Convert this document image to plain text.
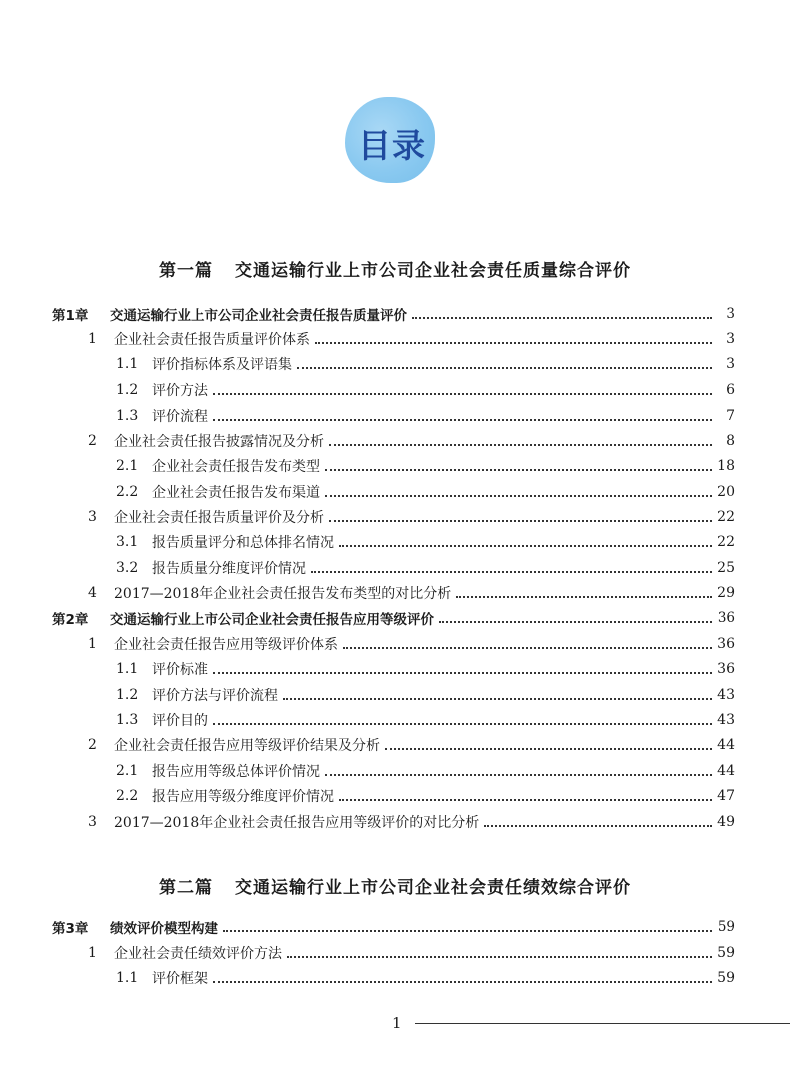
目录
第一篇 交通运输行业上市公司企业社会责任质量综合评价
第二篇 交通运输行业上市公司企业社会责任绩效综合评价
第1章	交通运输行业上市公司企业社会责任报告质量评价	3
1	企业社会责任报告质量评价体系	3
1.1 评价指标体系及评语集	3
1.2 评价方法	6
1.3 评价流程	7
2	企业社会责任报告披露情况及分析	8
2.1 企业社会责任报告发布类型	18
2.2 企业社会责任报告发布渠道	20
3	企业社会责任报告质量评价及分析	22
3.1 报告质量评分和总体排名情况	22
3.2 报告质量分维度评价情况	25
4	2017—2018年企业社会责任报告发布类型的对比分析	29
第2章	交通运输行业上市公司企业社会责任报告应用等级评价	36
1	企业社会责任报告应用等级评价体系	36
1.1 评价标准	36
1.2 评价方法与评价流程	43
1.3 评价目的	43
2	企业社会责任报告应用等级评价结果及分析	44
2.1 报告应用等级总体评价情况	44
2.2 报告应用等级分维度评价情况	47
3	2017—2018年企业社会责任报告应用等级评价的对比分析	49
第3章	绩效评价模型构建	59
1	企业社会责任绩效评价方法	59
1.1 评价框架	59
1
